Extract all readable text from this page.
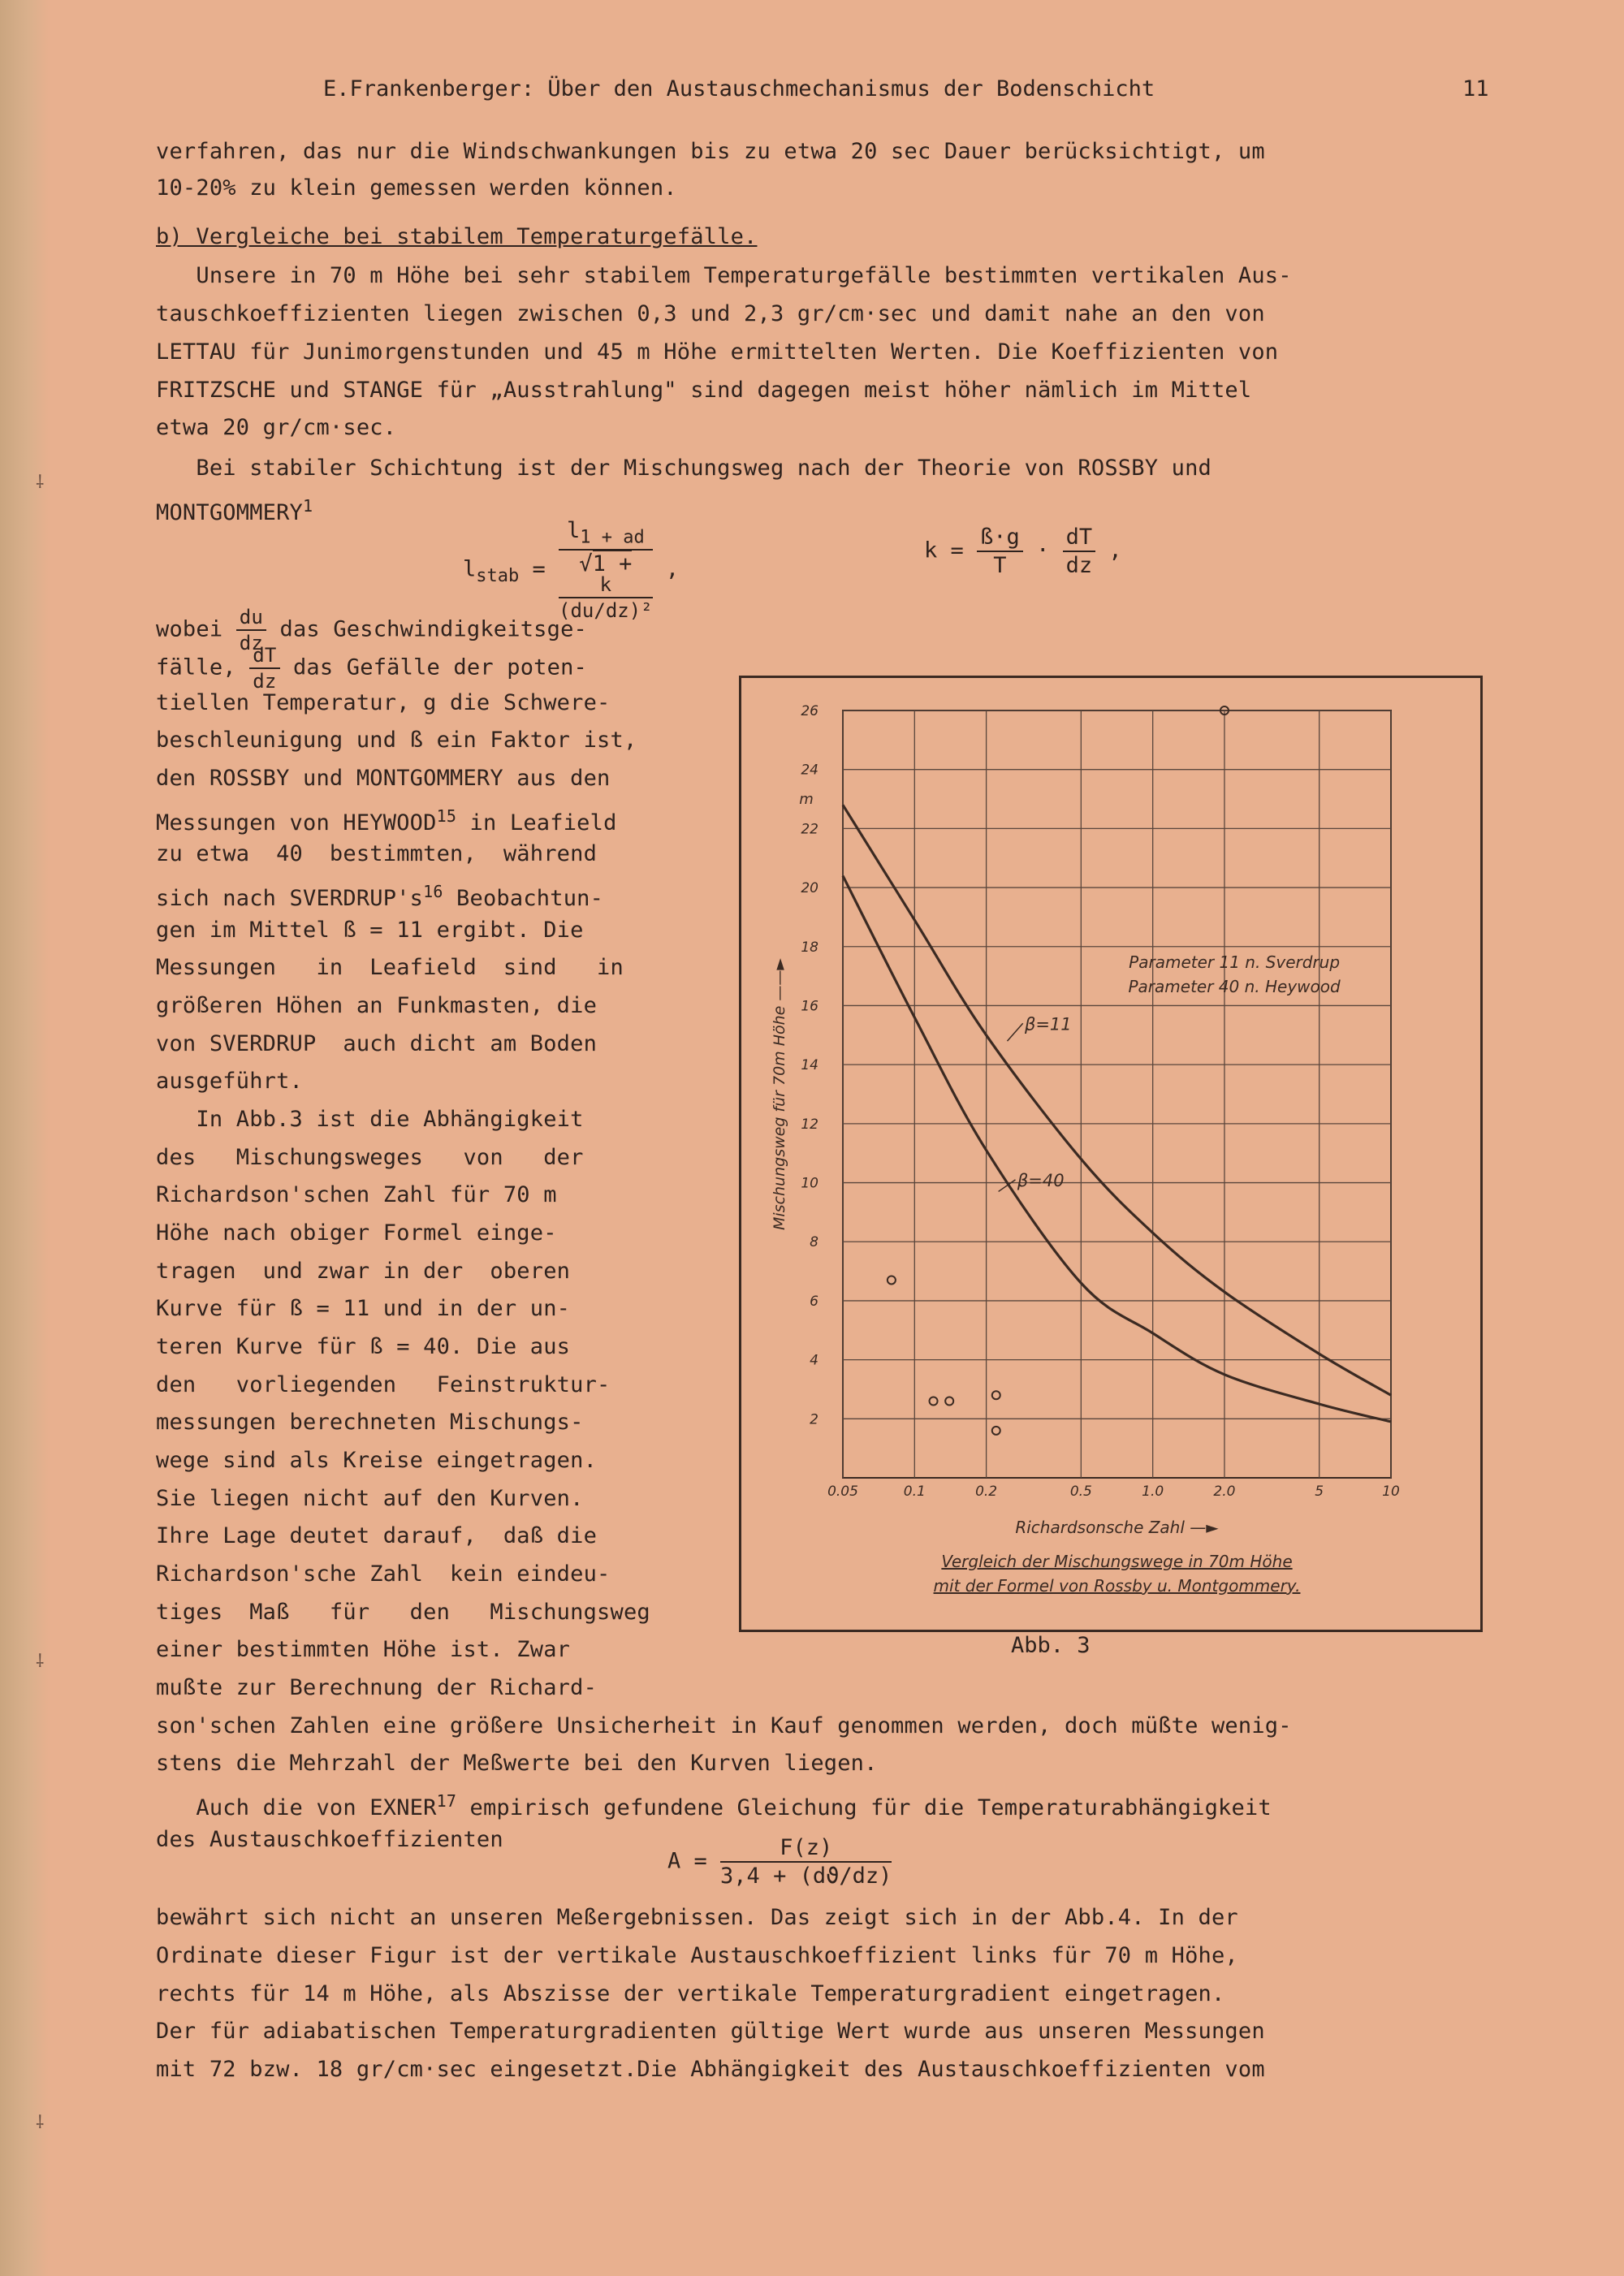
⸸
⸸
⸸
E.Frankenberger: Über den Austauschmechanismus der Bodenschicht	11
verfahren, das nur die Windschwankungen bis zu etwa 20 sec Dauer berücksichtigt, um
10-20% zu klein gemessen werden können.
b) Vergleiche bei stabilem Temperaturgefälle.
Unsere in 70 m Höhe bei sehr stabilem Temperaturgefälle bestimmten vertikalen Aus-
tauschkoeffizienten liegen zwischen 0,3 und 2,3 gr/cm·sec und damit nahe an den von
LETTAU für Junimorgenstunden und 45 m Höhe ermittelten Werten. Die Koeffizienten von
FRITZSCHE und STANGE für „Ausstrahlung" sind dagegen meist höher nämlich im Mittel
etwa 20 gr/cm·sec.
Bei stabiler Schichtung ist der Mischungsweg nach der Theorie von ROSSBY und
MONTGOMMERY$^1$
$l_{stab} = l_{1 +}$ $_{ad}$
√1 +
k
(du/dz)² ,
$k = \frac{ß\cdot g}{T} \cdot \frac{dT}{dz}$ ,
wobei $\frac{du}{dz}$ das Geschwindigkeitsge-
fälle, $\frac{dT}{dz}$ das Gefälle der poten-
tiellen Temperatur, g die Schwere-
beschleunigung und ß ein Faktor ist,
den ROSSBY und MONTGOMMERY aus den
Messungen von HEYWOOD$^{15}$ in Leafield
zu etwa  40  bestimmten,  während
sich nach $SVERDRUP's^{16}$ Beobachtun-
gen im Mittel ß = 11 ergibt. Die
Messungen   in  Leafield  sind   in
größeren Höhen an Funkmasten, die
von SVERDRUP  auch dicht am Boden
ausgeführt.
In Abb.3 ist die Abhängigkeit
des   Mischungsweges   von   der
Richardson'schen Zahl für 70 m
Höhe nach obiger Formel einge-
tragen  und zwar in der  oberen
Kurve für ß = 11 und in der un-
teren Kurve für ß = 40. Die aus
den   vorliegenden   Feinstruktur-
messungen berechneten Mischungs-
wege sind als Kreise eingetragen.
Sie liegen nicht auf den Kurven.
Ihre Lage deutet darauf,  daß die
Richardson'sche Zahl  kein eindeu-
tiges  Maß   für   den   Mischungsweg
einer bestimmten Höhe ist. Zwar
mußte zur Berechnung der Richard-
son'schen Zahlen eine größere Unsicherheit in Kauf genommen werden, doch müßte wenig-
stens die Mehrzahl der Meßwerte bei den Kurven liegen.
Auch die von EXNER$^{17}$ empirisch gefundene Gleichung für die Temperaturabhängigkeit
des Austauschkoeffizienten
$A = \frac{F(z)}{3,4 + (dϑ/dz)}$
bewährt sich nicht an unseren Meßergebnissen. Das zeigt sich in der Abb.4. In der
Ordinate dieser Figur ist der vertikale Austauschkoeffizient links für 70 m Höhe,
rechts für 14 m Höhe, als Abszisse der vertikale Temperaturgradient eingetragen.
Der für adiabatischen Temperaturgradienten gültige Wert wurde aus unseren Messungen
mit 72 bzw. 18 gr/cm·sec eingesetzt.Die Abhängigkeit des Austauschkoeffizienten vom
0.05	0.1	0.2	0.5	1.0	2.0	5	10
2
4
6
8
10
12
14
16
18
20
22
24
26
m
Mischungsweg für 70m Höhe ——►
Richardsonsche Zahl —►
Parameter 11 n. Sverdrup
Parameter 40 n. Heywood
β=11
β=40
Vergleich der Mischungswege in 70m Höhe
mit der Formel von Rossby u. Montgommery.
Abb. 3
